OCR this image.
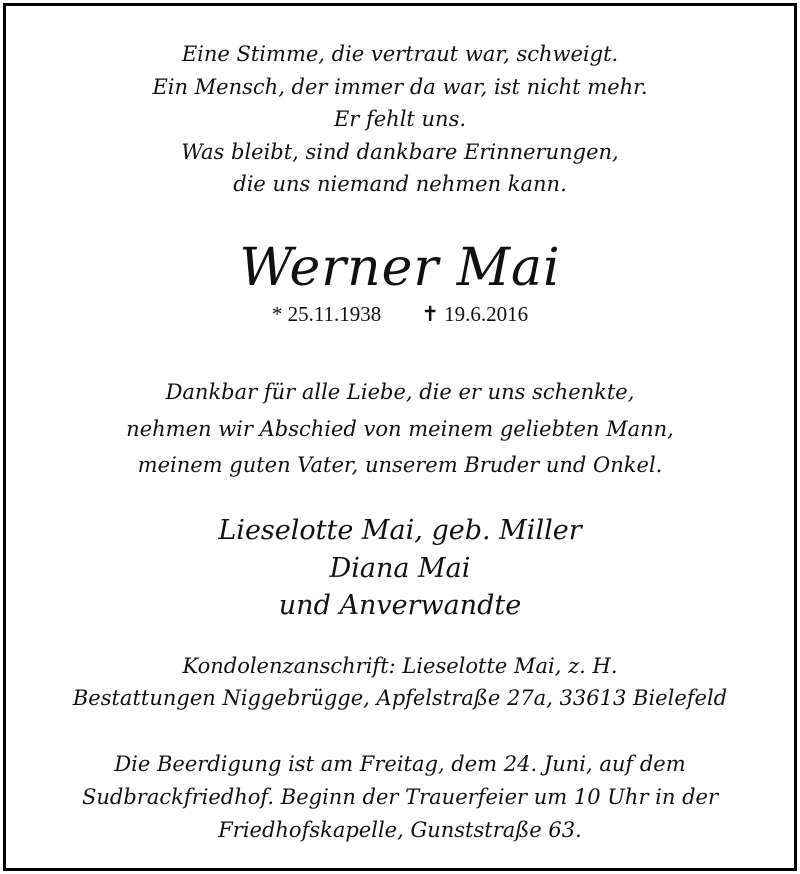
Eine Stimme, die vertraut war, schweigt.
Ein Mensch, der immer da war, ist nicht mehr.
Er fehlt uns.
Was bleibt, sind dankbare Erinnerungen,
die uns niemand nehmen kann.
Werner Mai
* 25.11.1938 ✝ 19.6.2016
Dankbar für alle Liebe, die er uns schenkte,
nehmen wir Abschied von meinem geliebten Mann,
meinem guten Vater, unserem Bruder und Onkel.
Lieselotte Mai, geb. Miller
Diana Mai
und Anverwandte
Kondolenzanschrift: Lieselotte Mai, z. H.
Bestattungen Niggebrügge, Apfelstraße 27a, 33613 Bielefeld
Die Beerdigung ist am Freitag, dem 24. Juni, auf dem
Sudbrackfriedhof. Beginn der Trauerfeier um 10 Uhr in der
Friedhofskapelle, Gunststraße 63.
